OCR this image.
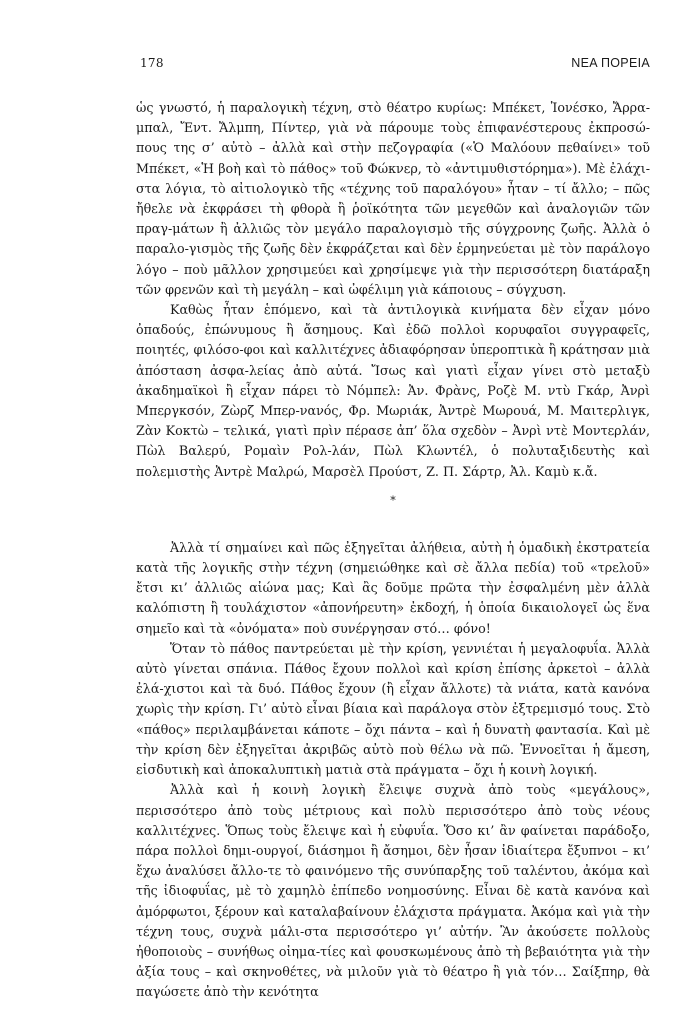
178	ΝΕΑ ΠΟΡΕΙΑ

ὡς γνωστό, ἡ παραλογικὴ τέχνη, στὸ θέατρο κυρίως: Μπέκετ, Ἰονέσκο, Ἄρρα-μπαλ, Ἔντ. Ἄλμπη, Πίντερ, γιὰ νὰ πάρουμε τοὺς ἐπιφανέστερους ἐκπροσώ-πους της σ’ αὐτὸ – ἀλλὰ καὶ στὴν πεζογραφία («Ὁ Μαλόουν πεθαίνει» τοῦ Μπέκετ, «Ἡ βοὴ καὶ τὸ πάθος» τοῦ Φώκνερ, τὸ «ἀντιμυθιστόρημα»). Μὲ ἐλάχι-στα λόγια, τὸ αἰτιολογικὸ τῆς «τέχνης τοῦ παραλόγου» ἦταν – τί ἄλλο; – πῶς ἤθελε νὰ ἐκφράσει τὴ φθορὰ ἢ ῥοϊκότητα τῶν μεγεθῶν καὶ ἀναλογιῶν τῶν πραγ-μάτων ἢ ἀλλιῶς τὸν μεγάλο παραλογισμὸ τῆς σύγχρονης ζωῆς. Ἀλλὰ ὁ παραλο-γισμὸς τῆς ζωῆς δὲν ἐκφράζεται καὶ δὲν ἑρμηνεύεται μὲ τὸν παράλογο λόγο – ποὺ μᾶλλον χρησιμεύει καὶ χρησίμεψε γιὰ τὴν περισσότερη διατάραξη τῶν φρενῶν καὶ τὴ μεγάλη – καὶ ὠφέλιμη γιὰ κάποιους – σύγχυση.

Καθὼς ἦταν ἑπόμενο, καὶ τὰ ἀντιλογικὰ κινήματα δὲν εἶχαν μόνο ὀπαδούς, ἐπώνυμους ἢ ἄσημους. Καὶ ἐδῶ πολλοὶ κορυφαῖοι συγγραφεῖς, ποιητές, φιλόσο-φοι καὶ καλλιτέχνες ἀδιαφόρησαν ὑπεροπτικὰ ἢ κράτησαν μιὰ ἀπόσταση ἀσφα-λείας ἀπὸ αὐτά. Ἴσως καὶ γιατὶ εἶχαν γίνει στὸ μεταξὺ ἀκαδημαϊκοὶ ἢ εἶχαν πάρει τὸ Νόμπελ: Ἀν. Φρὰνς, Ροζὲ Μ. ντὺ Γκάρ, Ἀνρὶ Μπεργκσόν, Ζὼρζ Μπερ-νανός, Φρ. Μωριάκ, Ἀντρὲ Μωρουά, Μ. Μαιτερλιγκ, Ζὰν Κοκτὼ – τελικά, γιατὶ πρὶν πέρασε ἀπ’ ὅλα σχεδὸν – Ἀνρὶ ντὲ Μοντερλάν, Πὼλ Βαλερύ, Ρομαὶν Ρολ-λάν, Πὼλ Κλωντέλ, ὁ πολυταξιδευτὴς καὶ πολεμιστὴς Ἀντρὲ Μαλρώ, Μαρσὲλ Προύστ, Ζ. Π. Σάρτρ, Ἀλ. Καμὺ κ.ἄ.

*

Ἀλλὰ τί σημαίνει καὶ πῶς ἐξηγεῖται ἀλήθεια, αὐτὴ ἡ ὁμαδικὴ ἐκστρατεία κατὰ τῆς λογικῆς στὴν τέχνη (σημειώθηκε καὶ σὲ ἄλλα πεδία) τοῦ «τρελοῦ» ἔτσι κι’ ἀλλιῶς αἰώνα μας; Καὶ ἂς δοῦμε πρῶτα τὴν ἐσφαλμένη μὲν ἀλλὰ καλόπιστη ἢ τουλάχιστον «ἀπονήρευτη» ἐκδοχή, ἡ ὁποία δικαιολογεῖ ὡς ἕνα σημεῖο καὶ τὰ «ὀνόματα» ποὺ συνέργησαν στό… φόνο!

Ὅταν τὸ πάθος παντρεύεται μὲ τὴν κρίση, γεννιέται ἡ μεγαλοφυΐα. Ἀλλὰ αὐτὸ γίνεται σπάνια. Πάθος ἔχουν πολλοὶ καὶ κρίση ἐπίσης ἀρκετοὶ – ἀλλὰ ἐλά-χιστοι καὶ τὰ δυό. Πάθος ἔχουν (ἢ εἶχαν ἄλλοτε) τὰ νιάτα, κατὰ κανόνα χωρὶς τὴν κρίση. Γι’ αὐτὸ εἶναι βίαια καὶ παράλογα στὸν ἐξτρεμισμό τους. Στὸ «πάθος» περιλαμβάνεται κάποτε – ὄχι πάντα – καὶ ἡ δυνατὴ φαντασία. Καὶ μὲ τὴν κρίση δὲν ἐξηγεῖται ἀκριβῶς αὐτὸ ποὺ θέλω νὰ πῶ. Ἐννοεῖται ἡ ἄμεση, εἰσδυτικὴ καὶ ἀποκαλυπτικὴ ματιὰ στὰ πράγματα – ὄχι ἡ κοινὴ λογική.

Ἀλλὰ καὶ ἡ κοινὴ λογικὴ ἔλειψε συχνὰ ἀπὸ τοὺς «μεγάλους», περισσότερο ἀπὸ τοὺς μέτριους καὶ πολὺ περισσότερο ἀπὸ τοὺς νέους καλλιτέχνες. Ὅπως τοὺς ἔλειψε καὶ ἡ εὐφυΐα. Ὅσο κι’ ἂν φαίνεται παράδοξο, πάρα πολλοὶ δημι-ουργοί, διάσημοι ἢ ἄσημοι, δὲν ἦσαν ἰδιαίτερα ἔξυπνοι – κι’ ἔχω ἀναλύσει ἄλλο-τε τὸ φαινόμενο τῆς συνύπαρξης τοῦ ταλέντου, ἀκόμα καὶ τῆς ἰδιοφυΐας, μὲ τὸ χαμηλὸ ἐπίπεδο νοημοσύνης. Εἶναι δὲ κατὰ κανόνα καὶ ἀμόρφωτοι, ξέρουν καὶ καταλαβαίνουν ἐλάχιστα πράγματα. Ἀκόμα καὶ γιὰ τὴν τέχνη τους, συχνὰ μάλι-στα περισσότερο γι’ αὐτήν. Ἂν ἀκούσετε πολλοὺς ἠθοποιοὺς – συνήθως οἰημα-τίες καὶ φουσκωμένους ἀπὸ τὴ βεβαιότητα γιὰ τὴν ἀξία τους – καὶ σκηνοθέτες, νὰ μιλοῦν γιὰ τὸ θέατρο ἢ γιὰ τόν… Σαίξπηρ, θὰ παγώσετε ἀπὸ τὴν κενότητα
